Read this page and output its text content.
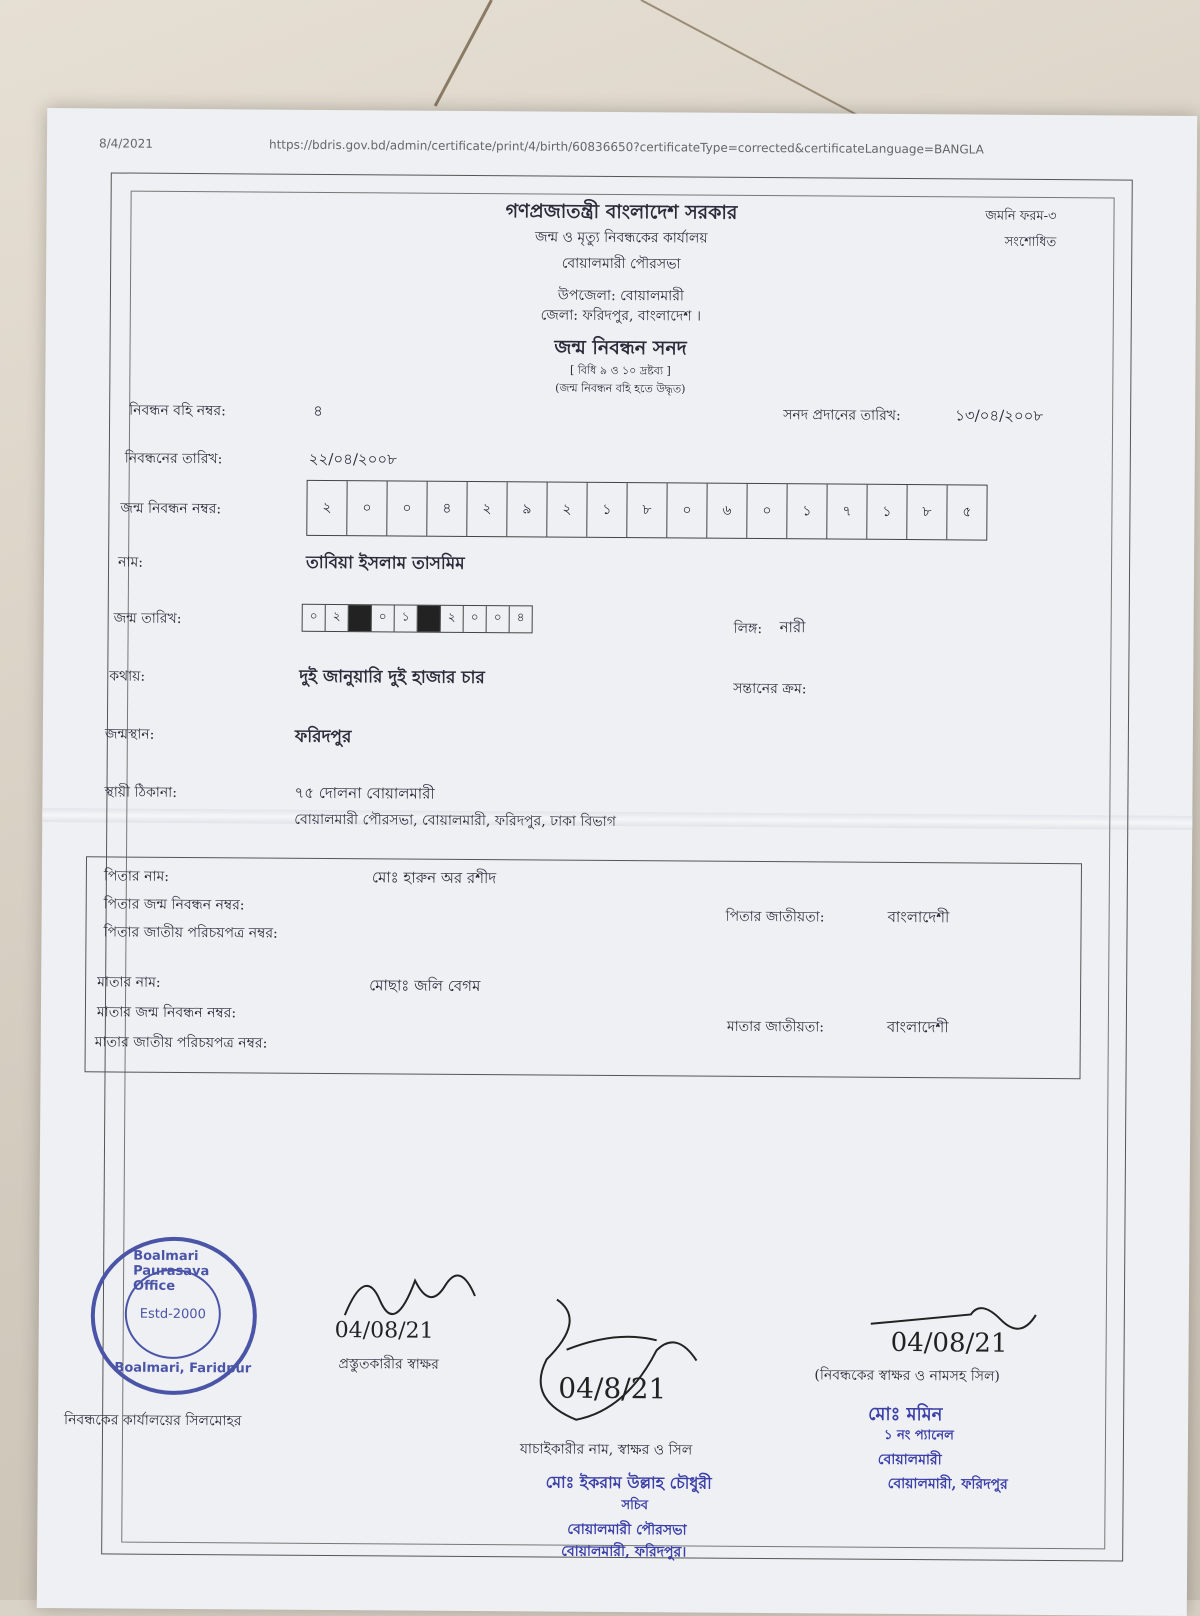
8/4/2021	https://bdris.gov.bd/admin/certificate/print/4/birth/60836650?certificateType=corrected&certificateLanguage=BANGLA
গণপ্রজাতন্ত্রী বাংলাদেশ সরকার
জন্ম ও মৃত্যু নিবন্ধকের কার্যালয়
বোয়ালমারী পৌরসভা
উপজেলা: বোয়ালমারী
জেলা: ফরিদপুর, বাংলাদেশ ।
জন্ম নিবন্ধন সনদ
[ বিধি ৯ ও ১০ দ্রষ্টব্য ]
(জন্ম নিবন্ধন বহি হতে উদ্ধৃত)
জমনি ফরম-৩
সংশোধিত
নিবন্ধন বহি নম্বর:	৪	সনদ প্রদানের তারিখ:	১৩/০৪/২০০৮
নিবন্ধনের তারিখ:	২২/০৪/২০০৮
জন্ম নিবন্ধন নম্বর:	২	০	০	৪	২	৯	২	১	৮	০	৬	০	১	৭	১	৮	৫
নাম:	তাবিয়া ইসলাম তাসমিম
জন্ম তারিখ:	০	২	০	১	২	০	০	৪
লিঙ্গ: নারী
কথায়:	দুই জানুয়ারি দুই হাজার চার
সন্তানের ক্রম:
জন্মস্থান:	ফরিদপুর
স্থায়ী ঠিকানা:	৭৫ দোলনা বোয়ালমারী
বোয়ালমারী পৌরসভা, বোয়ালমারী, ফরিদপুর, ঢাকা বিভাগ
পিতার নাম:	মোঃ হারুন অর রশীদ
পিতার জন্ম নিবন্ধন নম্বর:
পিতার জাতীয় পরিচয়পত্র নম্বর:
পিতার জাতীয়তা:	বাংলাদেশী
মাতার নাম:	মোছাঃ জলি বেগম
মাতার জন্ম নিবন্ধন নম্বর:
মাতার জাতীয় পরিচয়পত্র নম্বর:
মাতার জাতীয়তা:	বাংলাদেশী
Boalmari Paurasava Office
Estd-2000
Boalmari, Faridpur
নিবন্ধকের কার্যালয়ের সিলমোহর
04/08/21
প্রস্তুতকারীর স্বাক্ষর
04/8/21
যাচাইকারীর নাম, স্বাক্ষর ও সিল
মোঃ ইকরাম উল্লাহ চৌধুরী
সচিব
বোয়ালমারী পৌরসভা
বোয়ালমারী, ফরিদপুর।
04/08/21
(নিবন্ধকের স্বাক্ষর ও নামসহ সিল)
মোঃ মমিন
১ নং প্যানেল
বোয়ালমারী
বোয়ালমারী, ফরিদপুর
